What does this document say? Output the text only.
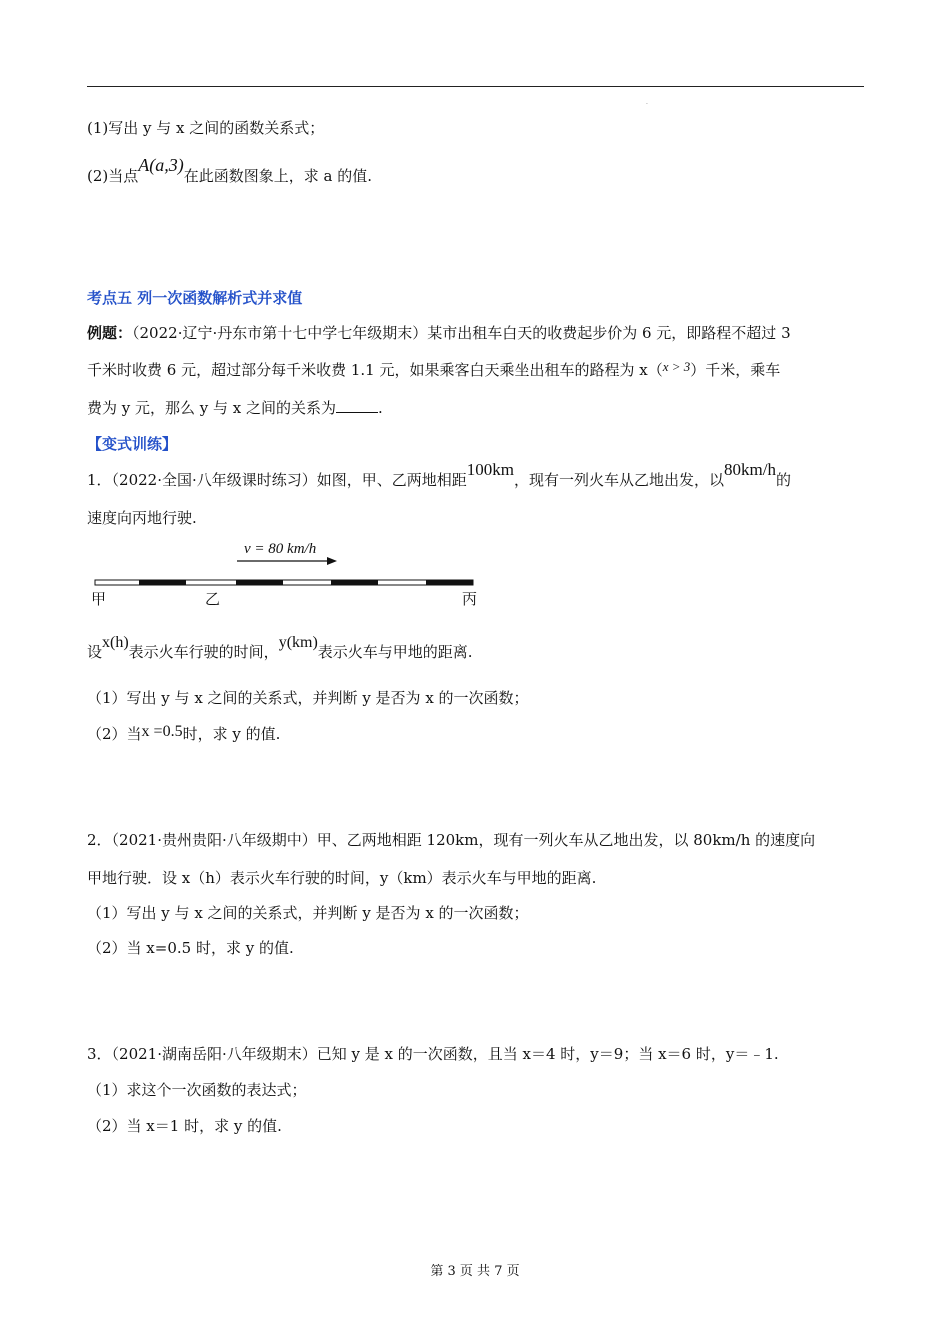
.
(1)写出 y 与 x 之间的函数关系式；
(2)当点A(a,3)在此函数图象上，求 a 的值.
考点五 列一次函数解析式并求值
例题：（2022·辽宁·丹东市第十七中学七年级期末）某市出租车白天的收费起步价为 6 元，即路程不超过 3
千米时收费 6 元，超过部分每千米收费 1.1 元，如果乘客白天乘坐出租车的路程为 x（x > 3）千米，乘车
费为 y 元，那么 y 与 x 之间的关系为	.
【变式训练】
1．（2022·全国·八年级课时练习）如图，甲、乙两地相距100km，现有一列火车从乙地出发，以80km/h的
速度向丙地行驶.
v = 80 km/h
甲	乙	丙
设x(h)表示火车行驶的时间，y(km)表示火车与甲地的距离.
（1）写出 y 与 x 之间的关系式，并判断 y 是否为 x 的一次函数；
（2）当x =0.5时，求 y 的值.
2．（2021·贵州贵阳·八年级期中）甲、乙两地相距 120km，现有一列火车从乙地出发，以 80km/h 的速度向
甲地行驶．设 x（h）表示火车行驶的时间，y（km）表示火车与甲地的距离.
（1）写出 y 与 x 之间的关系式，并判断 y 是否为 x 的一次函数；
（2）当 x=0.5 时，求 y 的值.
3．（2021·湖南岳阳·八年级期末）已知 y 是 x 的一次函数，且当 x＝4 时，y＝9；当 x＝6 时，y＝﹣1.
（1）求这个一次函数的表达式；
（2）当 x＝1 时，求 y 的值.
第 3 页 共 7 页
